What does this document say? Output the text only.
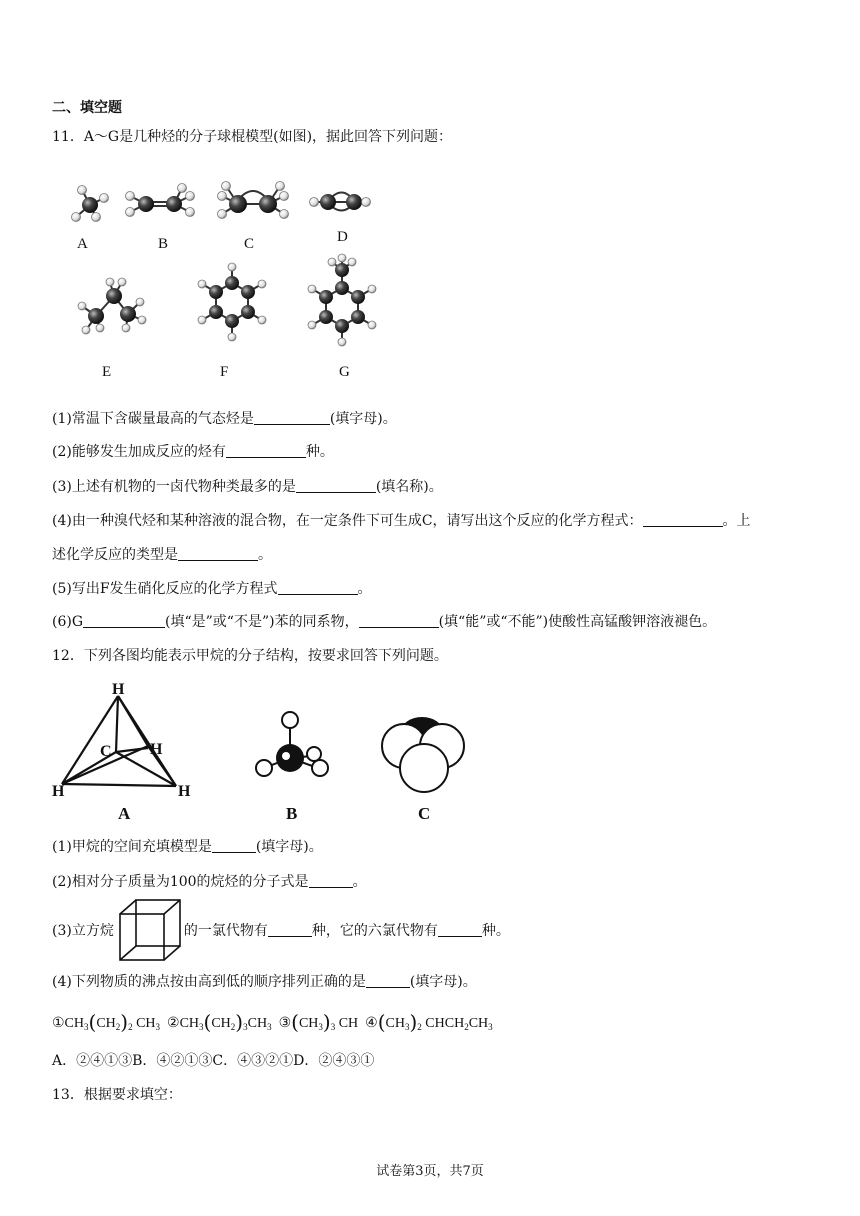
二、填空题
11．A～G是几种烃的分子球棍模型(如图)，据此回答下列问题：
A	B	C	D
E	F	G
(1)常温下含碳量最高的气态烃是	(填字母)。
(2)能够发生加成反应的烃有	种。
(3)上述有机物的一卤代物种类最多的是	(填名称)。
(4)由一种溴代烃和某种溶液的混合物，在一定条件下可生成C，请写出这个反应的化学方程式：	。上
述化学反应的类型是	。
(5)写出F发生硝化反应的化学方程式	。
(6)G	(填“是”或“不是”)苯的同系物，	(填“能”或“不能”)使酸性高锰酸钾溶液褪色。
12．下列各图均能表示甲烷的分子结构，按要求回答下列问题。
H
C H
H	H
A	B	C
(1)甲烷的空间充填模型是	(填字母)。
(2)相对分子质量为100的烷烃的分子式是	。
(3)立方烷	的一氯代物有	种，它的六氯代物有	种。
(4)下列物质的沸点按由高到低的顺序排列正确的是	(填字母)。
$①CH_3(CH_2)_2$ $CH_3$  $②CH_3(CH_2)_3CH_3$  $③(CH_3)_3$ CH  $④(CH_3)_2$ $CHCH_2CH_3$
A．②④①③B．④②①③C．④③②①D．②④③①
13．根据要求填空：
试卷第3页，共7页
